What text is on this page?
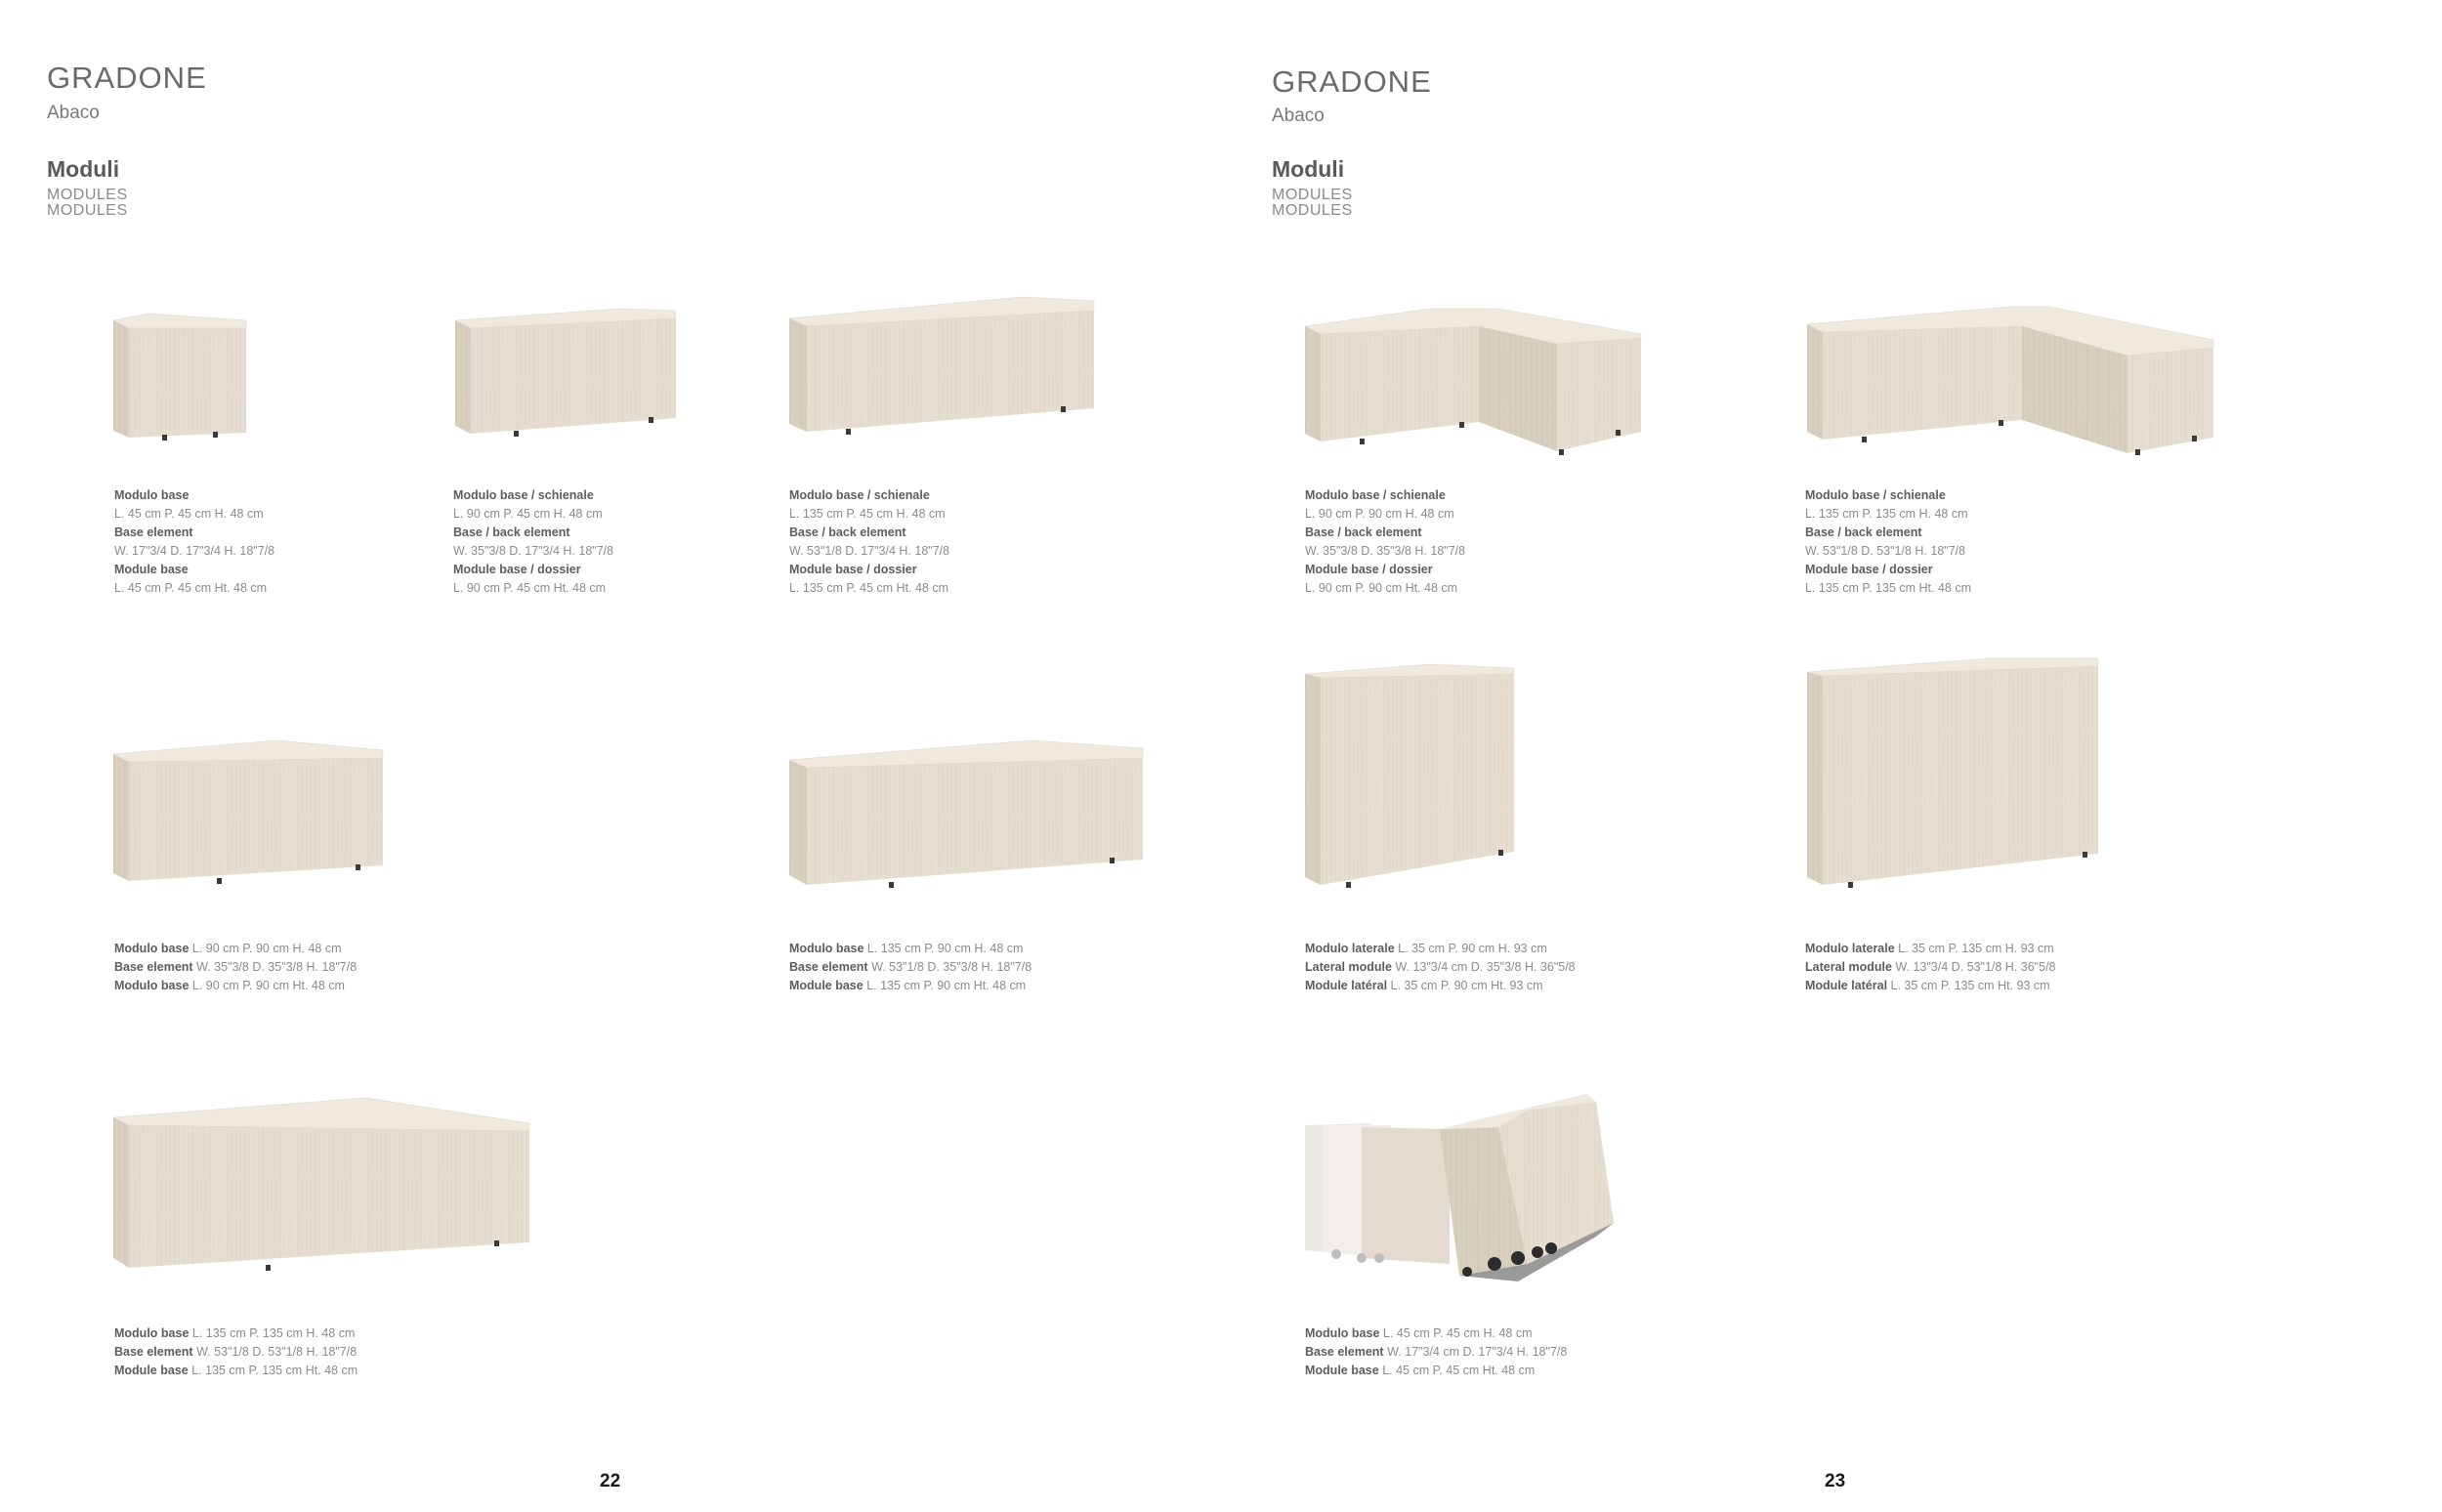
GRADONE
Abaco
Moduli
MODULES
MODULES
Modulo base
L. 45 cm P. 45 cm H. 48 cm
Base element
W. 17"3/4 D. 17"3/4 H. 18"7/8
Module base
L. 45 cm P. 45 cm Ht. 48 cm
Modulo base / schienale
L. 90 cm P. 45 cm H. 48 cm
Base / back element
W. 35"3/8 D. 17"3/4 H. 18"7/8
Module base / dossier
L. 90 cm P. 45 cm Ht. 48 cm
Modulo base / schienale
L. 135 cm P. 45 cm H. 48 cm
Base / back element
W. 53"1/8 D. 17"3/4 H. 18"7/8
Module base / dossier
L. 135 cm P. 45 cm Ht. 48 cm
Modulo base L. 90 cm P. 90 cm H. 48 cm
Base element W. 35"3/8 D. 35"3/8 H. 18"7/8
Modulo base L. 90 cm P. 90 cm Ht. 48 cm
Modulo base L. 135 cm P. 90 cm H. 48 cm
Base element W. 53"1/8 D. 35"3/8 H. 18"7/8
Module base L. 135 cm P. 90 cm Ht. 48 cm
Modulo base L. 135 cm P. 135 cm H. 48 cm
Base element W. 53"1/8 D. 53"1/8 H. 18"7/8
Module base L. 135 cm P. 135 cm Ht. 48 cm
22
GRADONE
Abaco
Moduli
MODULES
MODULES
Modulo base / schienale
L. 90 cm P. 90 cm H. 48 cm
Base / back element
W. 35"3/8 D. 35"3/8 H. 18"7/8
Module base / dossier
L. 90 cm P. 90 cm Ht. 48 cm
Modulo base / schienale
L. 135 cm P. 135 cm H. 48 cm
Base / back element
W. 53"1/8 D. 53"1/8 H. 18"7/8
Module base / dossier
L. 135 cm P. 135 cm Ht. 48 cm
Modulo laterale L. 35 cm P. 90 cm H. 93 cm
Lateral module W. 13"3/4 cm D. 35"3/8 H. 36"5/8
Module latéral L. 35 cm P. 90 cm Ht. 93 cm
Modulo laterale L. 35 cm P. 135 cm H. 93 cm
Lateral module W. 13"3/4 D. 53"1/8 H. 36"5/8
Module latéral L. 35 cm P. 135 cm Ht. 93 cm
Modulo base L. 45 cm P. 45 cm H. 48 cm
Base element W. 17"3/4 cm D. 17"3/4 H. 18"7/8
Module base L. 45 cm P. 45 cm Ht. 48 cm
23
